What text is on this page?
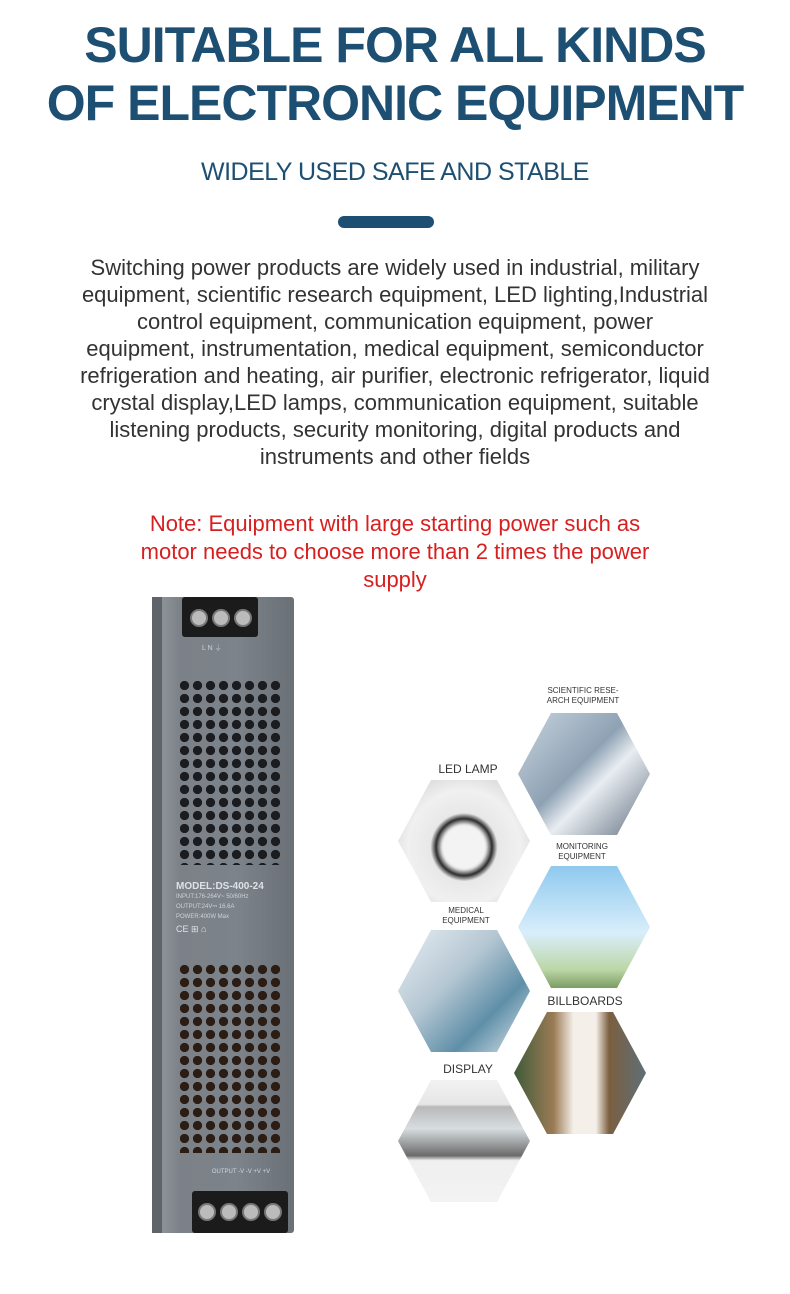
SUITABLE FOR ALL KINDS
OF ELECTRONIC EQUIPMENT
WIDELY USED SAFE AND STABLE
Switching power products are widely used in industrial, military equipment, scientific research equipment, LED lighting,Industrial control equipment, communication equipment, power equipment, instrumentation, medical equipment, semiconductor refrigeration and heating, air purifier, electronic refrigerator, liquid crystal display,LED lamps, communication equipment, suitable listening products, security monitoring, digital products and instruments and other fields
Note: Equipment with large starting power such as motor needs to choose more than 2 times the power supply
L N ⏚
MODEL:DS-400-24
INPUT:176-264V~ 50/60Hz
OUTPUT:24V⎓ 16.6A
POWER:400W Max
CE ⊞ ⌂
OUTPUT -V -V +V +V
SCIENTIFIC RESE-ARCH EQUIPMENT
LED LAMP
MONITORING EQUIPMENT
MEDICAL EQUIPMENT
BILLBOARDS
DISPLAY
